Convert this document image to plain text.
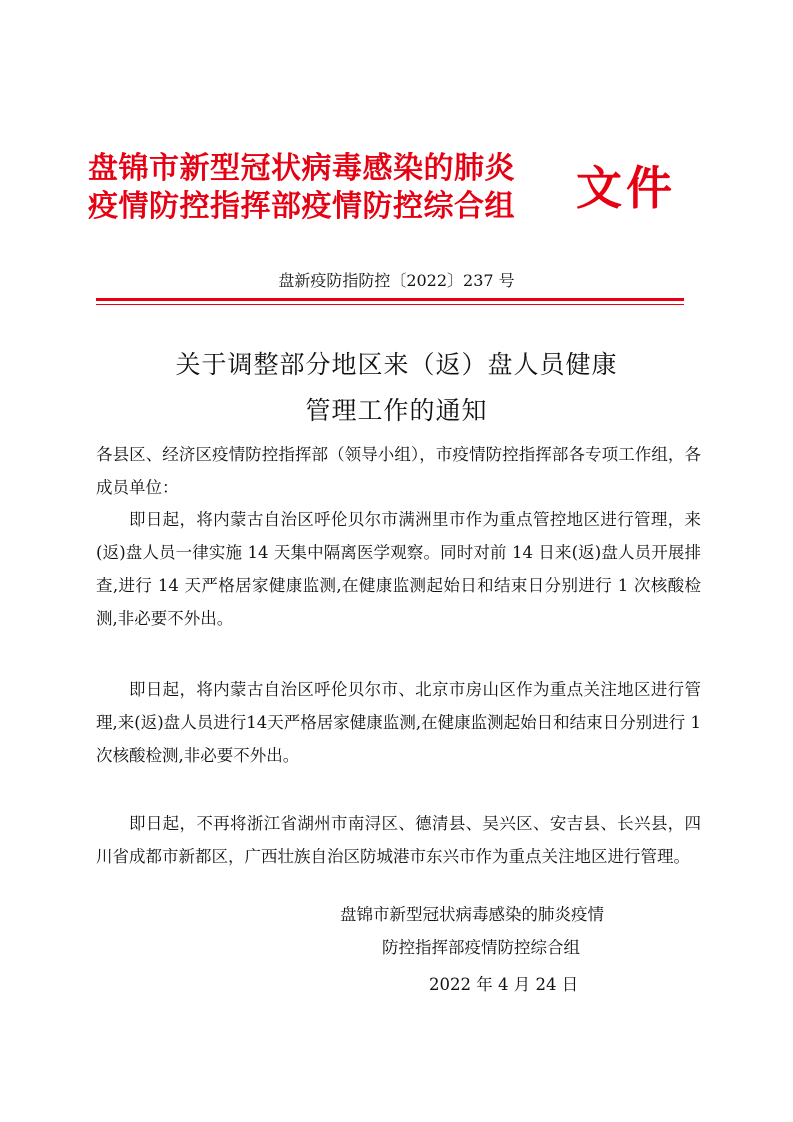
盘锦市新型冠状病毒感染的肺炎
疫情防控指挥部疫情防控综合组	文件
盘新疫防指防控〔2022〕237 号
关于调整部分地区来（返）盘人员健康
管理工作的通知
各县区、经济区疫情防控指挥部（领导小组），市疫情防控指挥部各专项工作组，各成员单位：

即日起，将内蒙古自治区呼伦贝尔市满洲里市作为重点管控地区进行管理，来(返)盘人员一律实施 14 天集中隔离医学观察。同时对前 14 日来(返)盘人员开展排查,进行 14 天严格居家健康监测,在健康监测起始日和结束日分别进行 1 次核酸检测,非必要不外出。

即日起，将内蒙古自治区呼伦贝尔市、北京市房山区作为重点关注地区进行管理,来(返)盘人员进行14天严格居家健康监测,在健康监测起始日和结束日分别进行 1 次核酸检测,非必要不外出。

即日起，不再将浙江省湖州市南浔区、德清县、吴兴区、安吉县、长兴县，四川省成都市新都区，广西壮族自治区防城港市东兴市作为重点关注地区进行管理。

盘锦市新型冠状病毒感染的肺炎疫情
防控指挥部疫情防控综合组
2022 年 4 月 24 日
